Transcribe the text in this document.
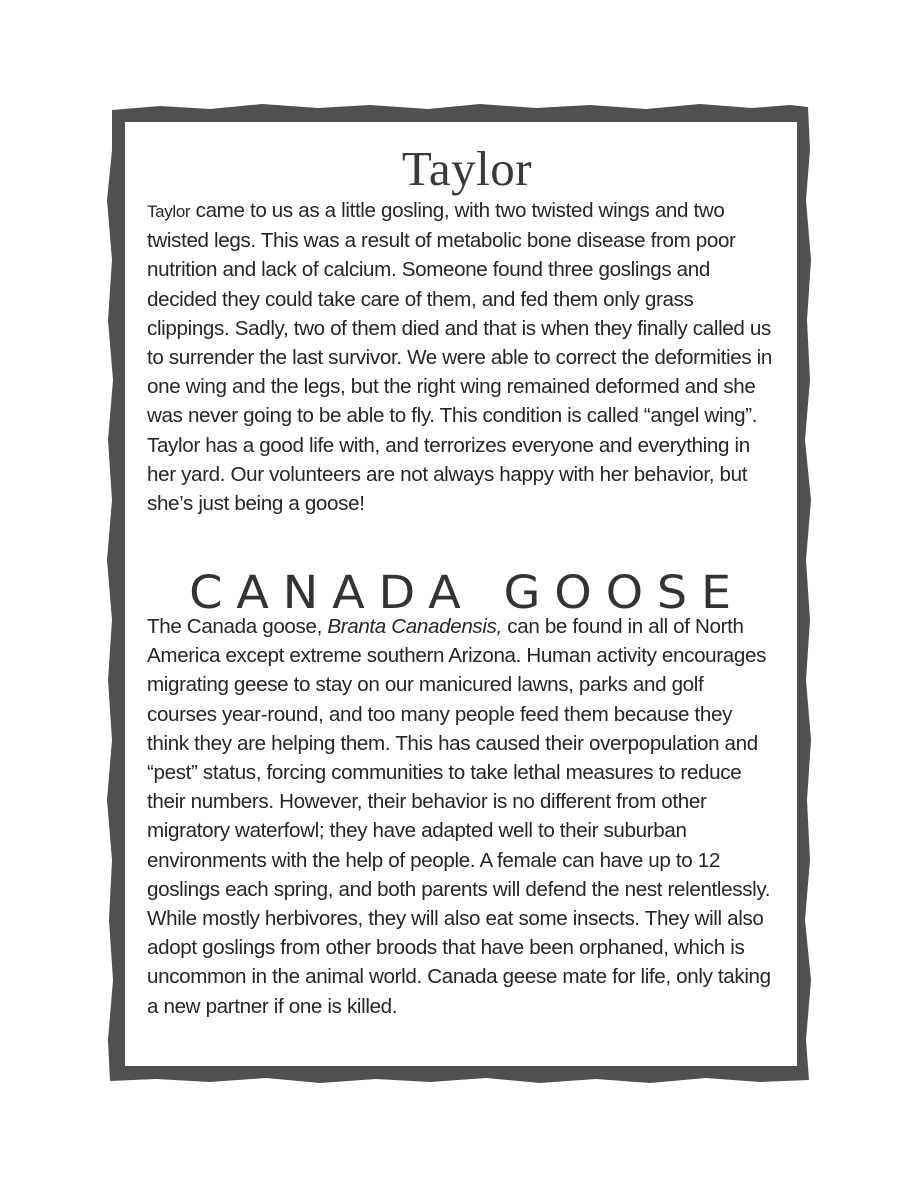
Taylor

Taylor came to us as a little gosling, with two twisted wings and two twisted legs. This was a result of metabolic bone disease from poor nutrition and lack of calcium. Someone found three goslings and decided they could take care of them, and fed them only grass clippings. Sadly, two of them died and that is when they finally called us to surrender the last survivor. We were able to correct the deformities in one wing and the legs, but the right wing remained deformed and she was never going to be able to fly. This condition is called “angel wing”. Taylor has a good life with, and terrorizes everyone and everything in her yard. Our volunteers are not always happy with her behavior, but she’s just being a goose!

CANADA GOOSE

The Canada goose, Branta Canadensis, can be found in all of North America except extreme southern Arizona. Human activity encourages migrating geese to stay on our manicured lawns, parks and golf courses year-round, and too many people feed them because they think they are helping them. This has caused their overpopulation and “pest” status, forcing communities to take lethal measures to reduce their numbers. However, their behavior is no different from other migratory waterfowl; they have adapted well to their suburban environments with the help of people. A female can have up to 12 goslings each spring, and both parents will defend the nest relentlessly. While mostly herbivores, they will also eat some insects. They will also adopt goslings from other broods that have been orphaned, which is uncommon in the animal world. Canada geese mate for life, only taking a new partner if one is killed.
